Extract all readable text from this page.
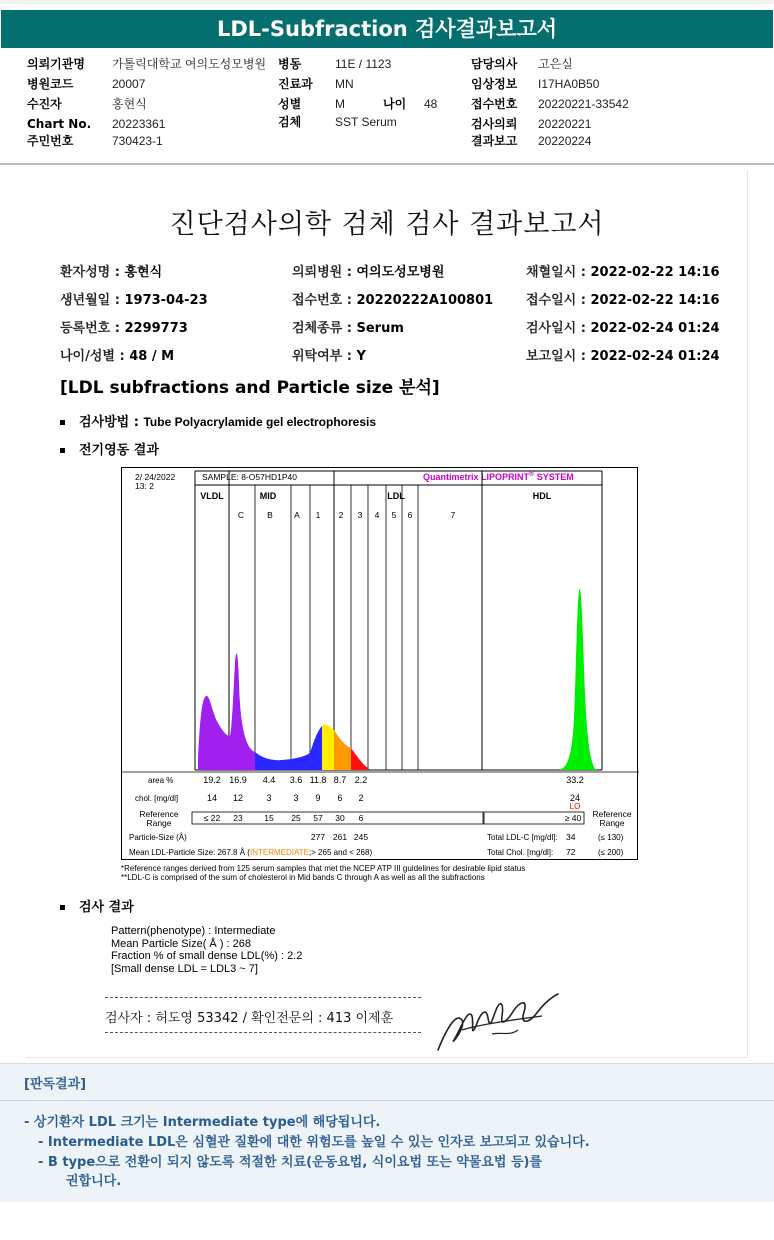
LDL-Subfraction 검사결과보고서
의뢰기관명 가톨릭대학교 여의도성모병원 병동	11E / 1123	담당의사 고은실
병원코드	20007	진료과 MN	임상정보 I17HA0B50
수진자	홍현식	성별	M	나이 48	접수번호 20220221-33542
Chart No. 20223361	검체	SST Serum	검사의뢰 20220221
주민번호	730423-1	결과보고 20220224
진단검사의학 검체 검사 결과보고서
환자성명 : 홍현식	의뢰병원 : 여의도성모병원	채혈일시 : 2022-02-22 14:16
생년월일 : 1973-04-23	접수번호 : 20220222A100801	접수일시 : 2022-02-22 14:16
등록번호 : 2299773	검체종류 : Serum	검사일시 : 2022-02-24 01:24
나이/성별 : 48 / M	위탁여부 : Y	보고일시 : 2022-02-24 01:24
[LDL subfractions and Particle size 분석]
검사방법 : Tube Polyacrylamide gel electrophoresis
전기영동 결과
2/ 24/2022
13: 2
SAMPLE: 8-O57HD1P40	Quantimetrix LIPOPRINT® SYSTEM
VLDL	MID	LDL	HDL
C	B	A 1 2 3 4 5 6	7
area %	19.2 16.9 4.4 3.6 11.8 8.7 2.2	33.2
chol. [mg/dl]	14 12	3 3 9 6 2	24
LO
Reference
Range	≤ 22 23	15 25 57 30 6	≥ 40 Reference
Range
Particle-Size (Å)	277 261 245	Total LDL-C [mg/dl]: 34	(≤ 130)
Mean LDL-Particle Size: 267.8 Å (INTERMEDIATE;> 265 and < 268)	Total Chol. [mg/dl]: 72	(≤ 200)
*Reference ranges derived from 125 serum samples that met the NCEP ATP III guidelines for desirable lipid status
**LDL-C is comprised of the sum of cholesterol in Mid bands C through A as well as all the subfractions
검사 결과
Pattern(phenotype) : Intermediate
Mean Particle Size( Å ) : 268
Fraction % of small dense LDL(%) : 2.2
[Small dense LDL = LDL3 ~ 7]
검사자 : 허도영 53342 / 확인전문의 : 413 이제훈
[판독결과]
- 상기환자 LDL 크기는 Intermediate type에 해당됩니다.
- Intermediate LDL은 심혈관 질환에 대한 위험도를 높일 수 있는 인자로 보고되고 있습니다.
- B type으로 전환이 되지 않도록 적절한 치료(운동요법, 식이요법 또는 약물요법 등)를
권합니다.
